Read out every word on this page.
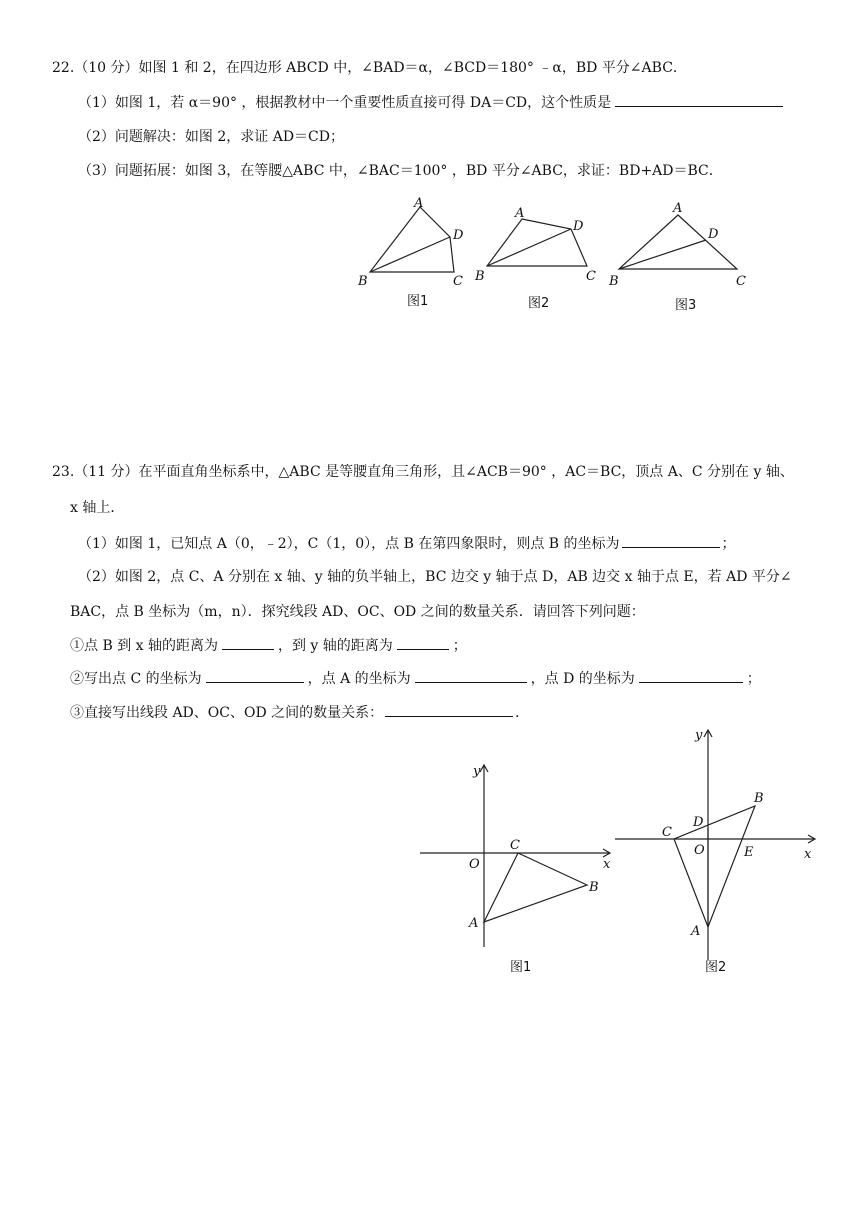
22.（10 分）如图 1 和 2，在四边形 ABCD 中，∠BAD＝α，∠BCD＝180° ﹣α，BD 平分∠ABC．
（1）如图 1，若 α＝90° ，根据教材中一个重要性质直接可得 DA＝CD，这个性质是
（2）问题解决：如图 2，求证 AD＝CD；
（3）问题拓展：如图 3，在等腰△ABC 中，∠BAC＝100° ，BD 平分∠ABC，求证：BD+AD＝BC．
A
D
B	C
图1
A
D
B	C
图2
A
D
B	C
图3
23.（11 分）在平面直角坐标系中，△ABC 是等腰直角三角形，且∠ACB＝90° ，AC＝BC，顶点 A、C 分别在 y 轴、
x 轴上．
（1）如图 1，已知点 A（0，﹣2），C（1，0），点 B 在第四象限时，则点 B 的坐标为	；
（2）如图 2，点 C、A 分别在 x 轴、y 轴的负半轴上，BC 边交 y 轴于点 D，AB 边交 x 轴于点 E，若 AD 平分∠
BAC，点 B 坐标为（m，n）．探究线段 AD、OC、OD 之间的数量关系．请回答下列问题：
①点 B 到 x 轴的距离为	，到 y 轴的距离为	；
②写出点 C 的坐标为	，点 A 的坐标为	，点 D 的坐标为	；
③直接写出线段 AD、OC、OD 之间的数量关系：	．
x
y
O
C
B
A
图1
x
y
O
C
D
B
E
A
图2
